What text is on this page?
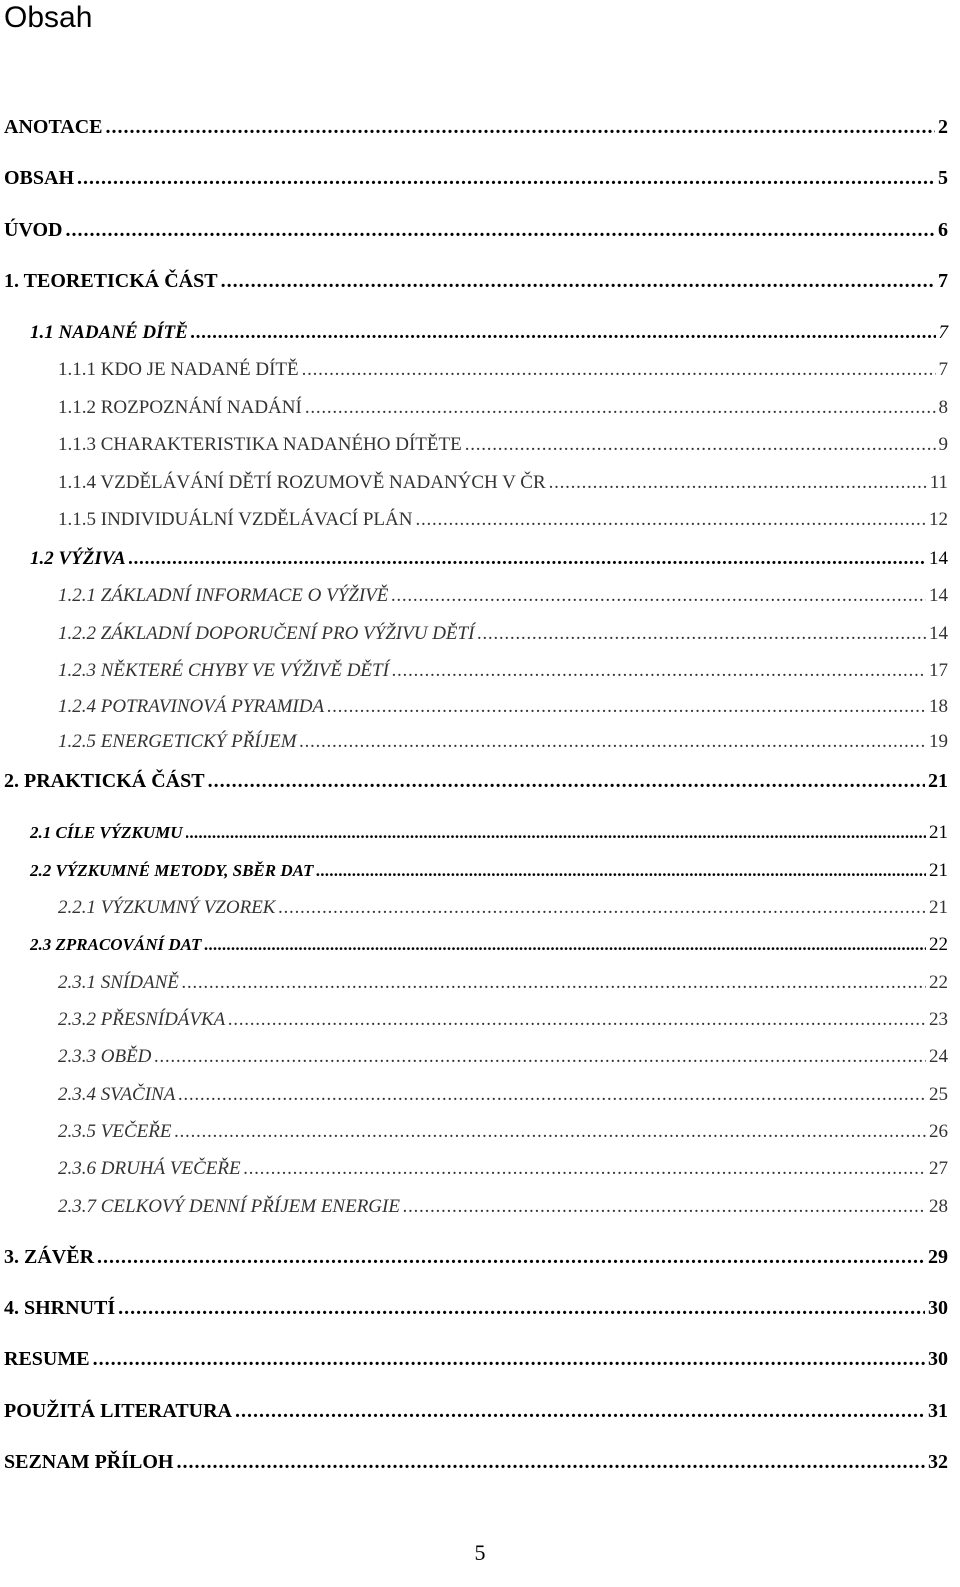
Obsah
ANOTACE . . .	2
OBSAH . . .	5
ÚVOD . . .	6
1. TEORETICKÁ ČÁST . . .	7
1.1 NADANÉ DÍTĚ . . .	7
1.1.1 KDO JE NADANÉ DÍTĚ . . .	7
1.1.2 ROZPOZNÁNÍ NADÁNÍ . . .	8
1.1.3 CHARAKTERISTIKA NADANÉHO DÍTĚTE . . .	9
1.1.4 VZDĚLÁVÁNÍ DĚTÍ ROZUMOVĚ NADANÝCH V ČR . . .	11
1.1.5 INDIVIDUÁLNÍ VZDĚLÁVACÍ PLÁN . . .	12
1.2 VÝŽIVA . . .	14
1.2.1 ZÁKLADNÍ INFORMACE O VÝŽIVĚ . . .	14
1.2.2 ZÁKLADNÍ DOPORUČENÍ PRO VÝŽIVU DĚTÍ . . .	14
1.2.3 NĚKTERÉ CHYBY VE VÝŽIVĚ DĚTÍ . . .	17
1.2.4 POTRAVINOVÁ PYRAMIDA . . .	18
1.2.5 ENERGETICKÝ PŘÍJEM . . .	19
2. PRAKTICKÁ ČÁST . . .	21
2.1 CÍLE VÝZKUMU . . .	21
2.2 VÝZKUMNÉ METODY, SBĚR DAT . . .	21
2.2.1 VÝZKUMNÝ VZOREK . . .	21
2.3 ZPRACOVÁNÍ DAT . . .	22
2.3.1 SNÍDANĚ . . .	22
2.3.2 PŘESNÍDÁVKA . . .	23
2.3.3 OBĚD . . .	24
2.3.4 SVAČINA . . .	25
2.3.5 VEČEŘE . . .	26
2.3.6 DRUHÁ VEČEŘE . . .	27
2.3.7 CELKOVÝ DENNÍ PŘÍJEM ENERGIE . . .	28
3. ZÁVĚR . . .	29
4. SHRNUTÍ . . .	30
RESUME . . .	30
POUŽITÁ LITERATURA . . .	31
SEZNAM PŘÍLOH . . .	32
5
